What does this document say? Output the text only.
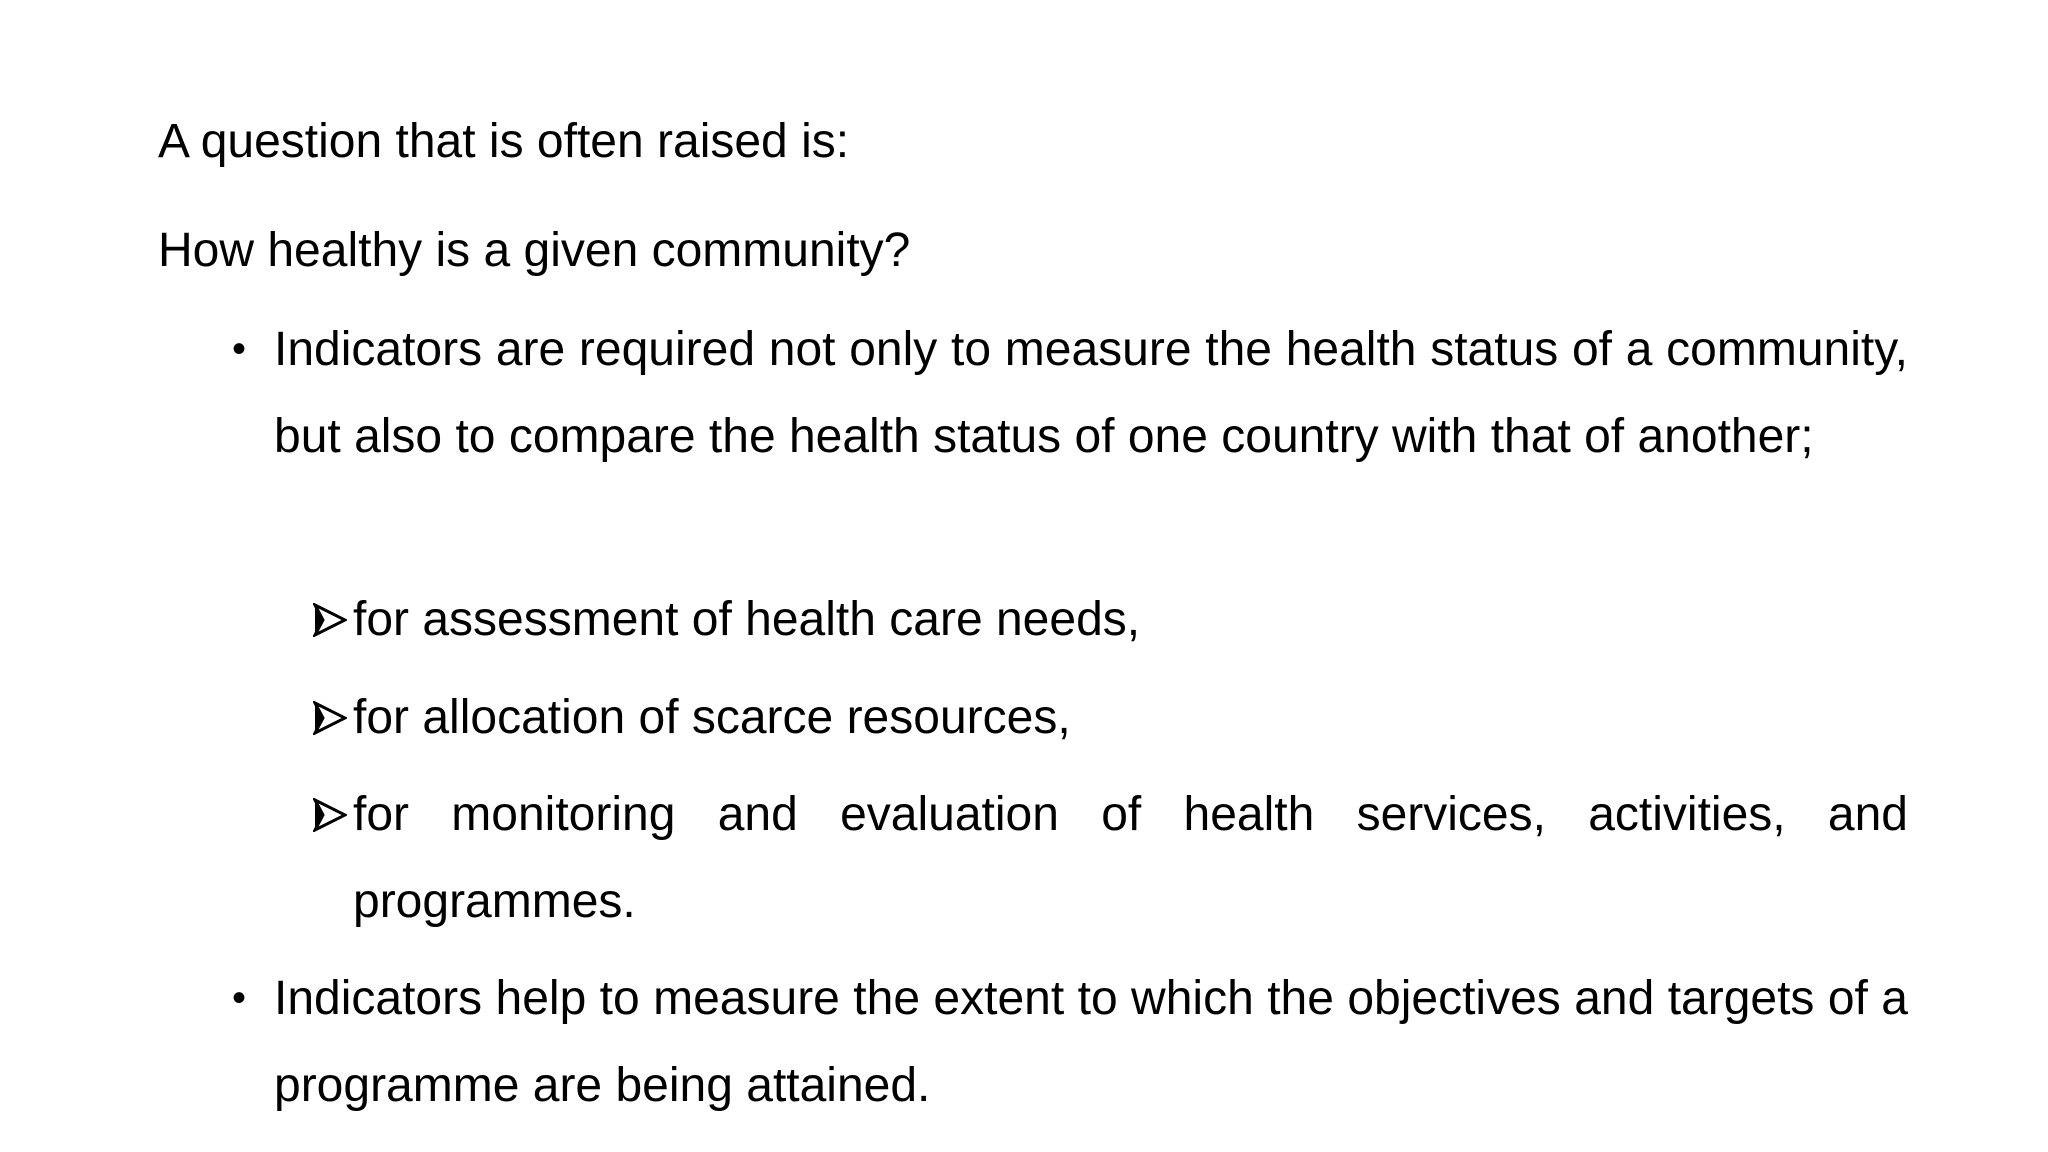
A question that is often raised is:
How healthy is a given community?
• Indicators are required not only to measure the health status of a community, but also to compare the health status of one country with that of another;
for assessment of health care needs,
for allocation of scarce resources,
for monitoring and evaluation of health services, activities, and programmes.
• Indicators help to measure the extent to which the objectives and targets of a programme are being attained.
